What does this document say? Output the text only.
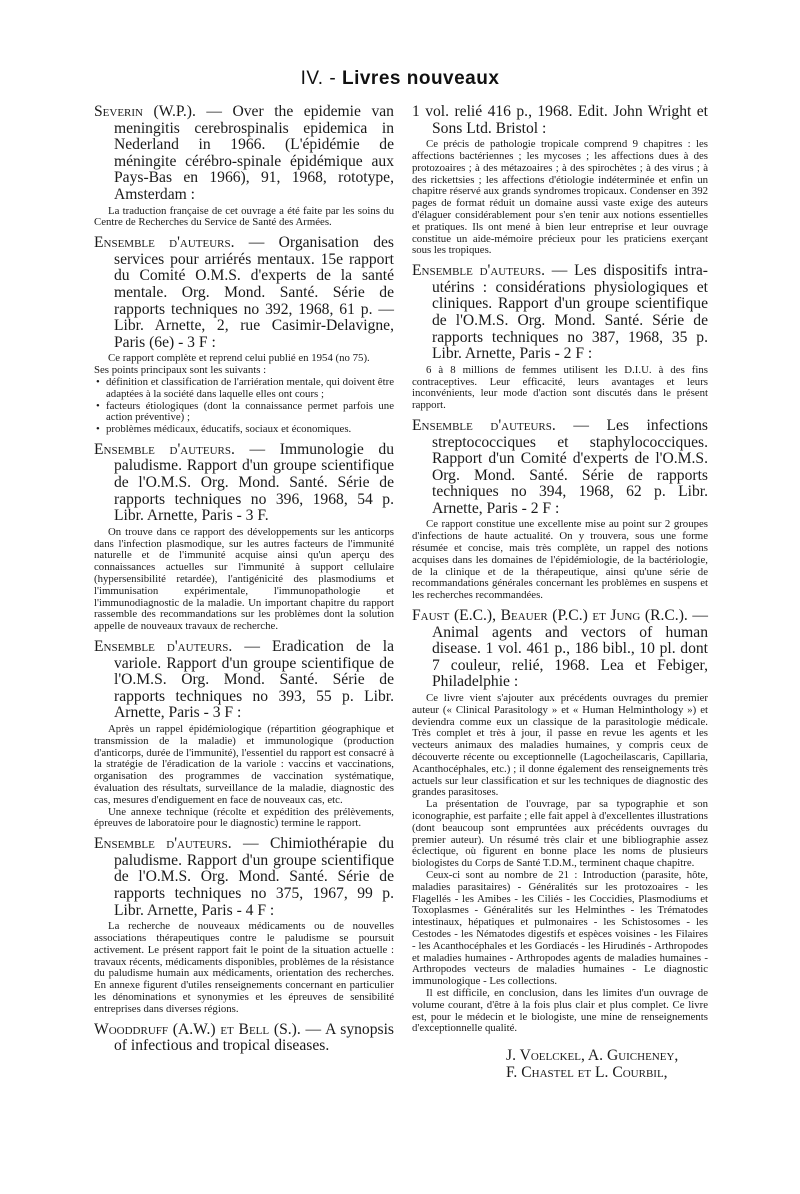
IV. - Livres nouveaux
Severin (W.P.). — Over the epidemie van meningitis cerebrospinalis epidemica in Nederland in 1966. (L'épidémie de méningite cérébro-spinale épidémique aux Pays-Bas en 1966), 91, 1968, rototype, Amsterdam :

La traduction française de cet ouvrage a été faite par les soins du Centre de Recherches du Service de Santé des Armées.

Ensemble d'auteurs. — Organisation des services pour arriérés mentaux. 15e rapport du Comité O.M.S. d'experts de la santé mentale. Org. Mond. Santé. Série de rapports techniques no 392, 1968, 61 p. — Libr. Arnette, 2, rue Casimir-Delavigne, Paris (6e) - 3 F :

Ce rapport complète et reprend celui publié en 1954 (no 75).

Ses points principaux sont les suivants :

• définition et classification de l'arriération mentale, qui doivent être adaptées à la société dans laquelle elles ont cours ;
• facteurs étiologiques (dont la connaissance permet parfois une action préventive) ;
• problèmes médicaux, éducatifs, sociaux et économiques.
Ensemble d'auteurs. — Immunologie du paludisme. Rapport d'un groupe scientifique de l'O.M.S. Org. Mond. Santé. Série de rapports techniques no 396, 1968, 54 p. Libr. Arnette, Paris - 3 F.

On trouve dans ce rapport des développements sur les anticorps dans l'infection plasmodique, sur les autres facteurs de l'immunité naturelle et de l'immunité acquise ainsi qu'un aperçu des connaissances actuelles sur l'immunité à support cellulaire (hypersensibilité retardée), l'antigénicité des plasmodiums et l'immunisation expérimentale, l'immunopathologie et l'immunodiagnostic de la maladie. Un important chapitre du rapport rassemble des recommandations sur les problèmes dont la solution appelle de nouveaux travaux de recherche.

Ensemble d'auteurs. — Eradication de la variole. Rapport d'un groupe scientifique de l'O.M.S. Org. Mond. Santé. Série de rapports techniques no 393, 55 p. Libr. Arnette, Paris - 3 F :

Après un rappel épidémiologique (répartition géographique et transmission de la maladie) et immunologique (production d'anticorps, durée de l'immunité), l'essentiel du rapport est consacré à la stratégie de l'éradication de la variole : vaccins et vaccinations, organisation des programmes de vaccination systématique, évaluation des résultats, surveillance de la maladie, diagnostic des cas, mesures d'endiguement en face de nouveaux cas, etc.

Une annexe technique (récolte et expédition des prélèvements, épreuves de laboratoire pour le diagnostic) termine le rapport.

Ensemble d'auteurs. — Chimiothérapie du paludisme. Rapport d'un groupe scientifique de l'O.M.S. Org. Mond. Santé. Série de rapports techniques no 375, 1967, 99 p. Libr. Arnette, Paris - 4 F :

La recherche de nouveaux médicaments ou de nouvelles associations thérapeutiques contre le paludisme se poursuit activement. Le présent rapport fait le point de la situation actuelle : travaux récents, médicaments disponibles, problèmes de la résistance du paludisme humain aux médicaments, orientation des recherches. En annexe figurent d'utiles renseignements concernant en particulier les dénominations et synonymies et les épreuves de sensibilité entreprises dans diverses régions.

Wooddruff (A.W.) et Bell (S.). — A synopsis of infectious and tropical diseases.
1 vol. relié 416 p., 1968. Edit. John Wright et Sons Ltd. Bristol :

Ce précis de pathologie tropicale comprend 9 chapitres : les affections bactériennes ; les mycoses ; les affections dues à des protozoaires ; à des métazoaires ; à des spirochètes ; à des virus ; à des rickettsies ; les affections d'étiologie indéterminée et enfin un chapitre réservé aux grands syndromes tropicaux. Condenser en 392 pages de format réduit un domaine aussi vaste exige des auteurs d'élaguer considérablement pour s'en tenir aux notions essentielles et pratiques. Ils ont mené à bien leur entreprise et leur ouvrage constitue un aide-mémoire précieux pour les praticiens exerçant sous les tropiques.

Ensemble d'auteurs. — Les dispositifs intra-utérins : considérations physiologiques et cliniques. Rapport d'un groupe scientifique de l'O.M.S. Org. Mond. Santé. Série de rapports techniques no 387, 1968, 35 p. Libr. Arnette, Paris - 2 F :

6 à 8 millions de femmes utilisent les D.I.U. à des fins contraceptives. Leur efficacité, leurs avantages et leurs inconvénients, leur mode d'action sont discutés dans le présent rapport.

Ensemble d'auteurs. — Les infections streptococciques et staphylococciques. Rapport d'un Comité d'experts de l'O.M.S. Org. Mond. Santé. Série de rapports techniques no 394, 1968, 62 p. Libr. Arnette, Paris - 2 F :

Ce rapport constitue une excellente mise au point sur 2 groupes d'infections de haute actualité. On y trouvera, sous une forme résumée et concise, mais très complète, un rappel des notions acquises dans les domaines de l'épidémiologie, de la bactériologie, de la clinique et de la thérapeutique, ainsi qu'une série de recommandations générales concernant les problèmes en suspens et les recherches recommandées.

Faust (E.C.), Beauer (P.C.) et Jung (R.C.). — Animal agents and vectors of human disease. 1 vol. 461 p., 186 bibl., 10 pl. dont 7 couleur, relié, 1968. Lea et Febiger, Philadelphie :

Ce livre vient s'ajouter aux précédents ouvrages du premier auteur (« Clinical Parasitology » et « Human Helminthology ») et deviendra comme eux un classique de la parasitologie médicale. Très complet et très à jour, il passe en revue les agents et les vecteurs animaux des maladies humaines, y compris ceux de découverte récente ou exceptionnelle (Lagocheilascaris, Capillaria, Acanthocéphales, etc.) ; il donne également des renseignements très actuels sur leur classification et sur les techniques de diagnostic des grandes parasitoses.

La présentation de l'ouvrage, par sa typographie et son iconographie, est parfaite ; elle fait appel à d'excellentes illustrations (dont beaucoup sont empruntées aux précédents ouvrages du premier auteur). Un résumé très clair et une bibliographie assez éclectique, où figurent en bonne place les noms de plusieurs biologistes du Corps de Santé T.D.M., terminent chaque chapitre.

Ceux-ci sont au nombre de 21 : Introduction (parasite, hôte, maladies parasitaires) - Généralités sur les protozoaires - les Flagellés - les Amibes - les Ciliés - les Coccidies, Plasmodiums et Toxoplasmes - Généralités sur les Helminthes - les Trématodes intestinaux, hépatiques et pulmonaires - les Schistosomes - les Cestodes - les Nématodes digestifs et espèces voisines - les Filaires - les Acanthocéphales et les Gordiacés - les Hirudinés - Arthropodes et maladies humaines - Arthropodes agents de maladies humaines - Arthropodes vecteurs de maladies humaines - Le diagnostic immunologique - Les collections.

Il est difficile, en conclusion, dans les limites d'un ouvrage de volume courant, d'être à la fois plus clair et plus complet. Ce livre est, pour le médecin et le biologiste, une mine de renseignements d'exceptionnelle qualité.

J. Voelckel, A. Guicheney,
F. Chastel et L. Courbil,
